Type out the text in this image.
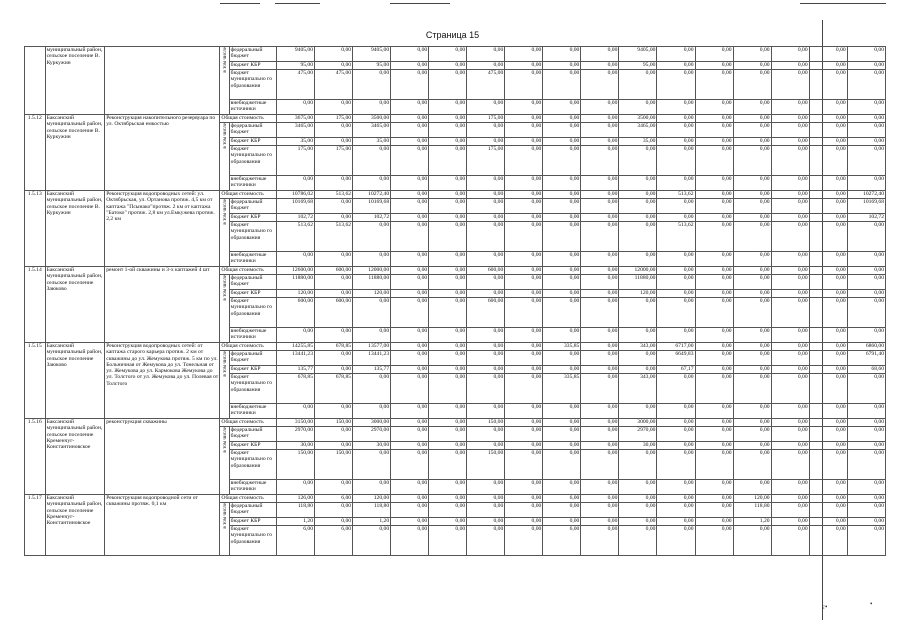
Страница 15
	муниципальный район, сельское поселение В. Куркужин		в том числе	федеральный бюджет	9405,00	0,00	9405,00	0,00	0,00	0,00	0,00	0,00	0,00	9405,00	0,00	0,00	0,00	0,00	0,00	0,00
				бюджет КБР	95,00	0,00	95,00	0,00	0,00	0,00	0,00	0,00	0,00	95,00	0,00	0,00	0,00	0,00	0,00	0,00
				бюджет муниципально го образования	475,00	475,00	0,00	0,00	0,00	475,00	0,00	0,00	0,00	0,00	0,00	0,00	0,00	0,00	0,00	0,00
				внебюджетные источники	0,00	0,00	0,00	0,00	0,00	0,00	0,00	0,00	0,00	0,00	0,00	0,00	0,00	0,00	0,00	0,00
1.5.12	Баксанский муниципальный район, сельское поселение В. Куркужин	Реконструкция накопительного резервуара по ул. Октябрьская емкостью	Общая стоимость		3675,00	175,00	3500,00	0,00	0,00	175,00	0,00	0,00	0,00	3500,00	0,00	0,00	0,00	0,00	0,00	0,00
			в том числе	федеральный бюджет	3465,00	0,00	3465,00	0,00	0,00	0,00	0,00	0,00	0,00	3465,00	0,00	0,00	0,00	0,00	0,00	0,00
				бюджет КБР	35,00	0,00	35,00	0,00	0,00	0,00	0,00	0,00	0,00	35,00	0,00	0,00	0,00	0,00	0,00	0,00
				бюджет муниципально го образования	175,00	175,00	0,00	0,00	0,00	175,00	0,00	0,00	0,00	0,00	0,00	0,00	0,00	0,00	0,00	0,00
				внебюджетные источники	0,00	0,00	0,00	0,00	0,00	0,00	0,00	0,00	0,00	0,00	0,00	0,00	0,00	0,00	0,00	0,00
1.5.13	Баксанский муниципальный район, сельское поселение В. Куркужин	Реконструкция водопроводных сетей: ул. Октябрьская, ул. Ортанова протяж. 4,5 км от каптажа "Псынако"протяж. 2 км от каптажа "Батоко" протяж. 2,8 км ул.Емкужева протяж. 2,2 км	Общая стоимость		10786,02	513,62	10272,40	0,00	0,00	0,00	0,00	0,00	0,00	0,00	513,62	0,00	0,00	0,00	0,00	10272,40
			в том числе	федеральный бюджет	10169,68	0,00	10169,68	0,00	0,00	0,00	0,00	0,00	0,00	0,00	0,00	0,00	0,00	0,00	0,00	10169,68
				бюджет КБР	102,72	0,00	102,72	0,00	0,00	0,00	0,00	0,00	0,00	0,00	0,00	0,00	0,00	0,00	0,00	102,72
				бюджет муниципально го образования	513,62	513,62	0,00	0,00	0,00	0,00	0,00	0,00	0,00	0,00	513,62	0,00	0,00	0,00	0,00	0,00
				внебюджетные источники	0,00	0,00	0,00	0,00	0,00	0,00	0,00	0,00	0,00	0,00	0,00	0,00	0,00	0,00	0,00	0,00
1.5.14	Баксанский муниципальный район, сельское поселение Заюково	ремонт 1-ой скважины и 3-х каптажей 4 шт	Общая стоимость		12600,00	600,00	12000,00	0,00	0,00	600,00	0,00	0,00	0,00	12000,00	0,00	0,00	0,00	0,00	0,00	0,00
			в том числе	федеральный бюджет	11880,00	0,00	11880,00	0,00	0,00	0,00	0,00	0,00	0,00	11880,00	0,00	0,00	0,00	0,00	0,00	0,00
				бюджет КБР	120,00	0,00	120,00	0,00	0,00	0,00	0,00	0,00	0,00	120,00	0,00	0,00	0,00	0,00	0,00	0,00
				бюджет муниципально го образования	600,00	600,00	0,00	0,00	0,00	600,00	0,00	0,00	0,00	0,00	0,00	0,00	0,00	0,00	0,00	0,00
				внебюджетные источники	0,00	0,00	0,00	0,00	0,00	0,00	0,00	0,00	0,00	0,00	0,00	0,00	0,00	0,00	0,00	0,00
1.5.15	Баксанский муниципальный район, сельское поселение Заюково	Реконструкция водопроводных сетей: от каптажа старого карьера протяж. 2 км от скважины до ул. Жемукова протяж. 5 км по ул. Больничная от Жемукова до ул. Тонельная от ул. Жемукова до ул. Кармокова Жемукова до ул. Толстого от ул. Жемукова до ул. Полевая от Толстого	Общая стоимость		14255,85	678,85	13577,00	0,00	0,00	0,00	0,00	335,85	0,00	343,00	6717,00	0,00	0,00	0,00	0,00	6860,00
			в том числе	федеральный бюджет	13441,23	0,00	13441,23	0,00	0,00	0,00	0,00	0,00	0,00	0,00	6649,83	0,00	0,00	0,00	0,00	6791,40
				бюджет КБР	135,77	0,00	135,77	0,00	0,00	0,00	0,00	0,00	0,00	0,00	67,17	0,00	0,00	0,00	0,00	68,60
				бюджет муниципально го образования	678,85	678,85	0,00	0,00	0,00	0,00	0,00	335,85	0,00	343,00	0,00	0,00	0,00	0,00	0,00	0,00
				внебюджетные источники	0,00	0,00	0,00	0,00	0,00	0,00	0,00	0,00	0,00	0,00	0,00	0,00	0,00	0,00	0,00	0,00
1.5.16	Баксанский муниципальный район, сельское поселение Кременчуг-Константиновское	реконструкция скважины	Общая стоимость		3150,00	150,00	3000,00	0,00	0,00	150,00	0,00	0,00	0,00	3000,00	0,00	0,00	0,00	0,00	0,00	0,00
			в том числе	федеральный бюджет	2970,00	0,00	2970,00	0,00	0,00	0,00	0,00	0,00	0,00	2970,00	0,00	0,00	0,00	0,00	0,00	0,00
				бюджет КБР	30,00	0,00	30,00	0,00	0,00	0,00	0,00	0,00	0,00	30,00	0,00	0,00	0,00	0,00	0,00	0,00
				бюджет муниципально го образования	150,00	150,00	0,00	0,00	0,00	150,00	0,00	0,00	0,00	0,00	0,00	0,00	0,00	0,00	0,00	0,00
				внебюджетные источники	0,00	0,00	0,00	0,00	0,00	0,00	0,00	0,00	0,00	0,00	0,00	0,00	0,00	0,00	0,00	0,00
1.5.17	Баксанский муниципальный район, сельское поселение Кременчуг-Константиновское	Реконструкция водопроводной сети от скважины протяж. 0,1 км	Общая стоимость		126,00	6,00	120,00	0,00	0,00	0,00	0,00	6,00	0,00	0,00	0,00	0,00	120,00	0,00	0,00	0,00
			в том числе	федеральный бюджет	118,80	0,00	118,80	0,00	0,00	0,00	0,00	0,00	0,00	0,00	0,00	0,00	118,80	0,00	0,00	0,00
				бюджет КБР	1,20	0,00	1,20	0,00	0,00	0,00	0,00	0,00	0,00	0,00	0,00	0,00	1,20	0,00	0,00	0,00
				бюджет муниципально го образования	6,00	6,00	0,00	0,00	0,00	0,00	0,00	6,00	0,00	0,00	0,00	0,00	0,00	0,00	0,00	0,00
ε•	•
